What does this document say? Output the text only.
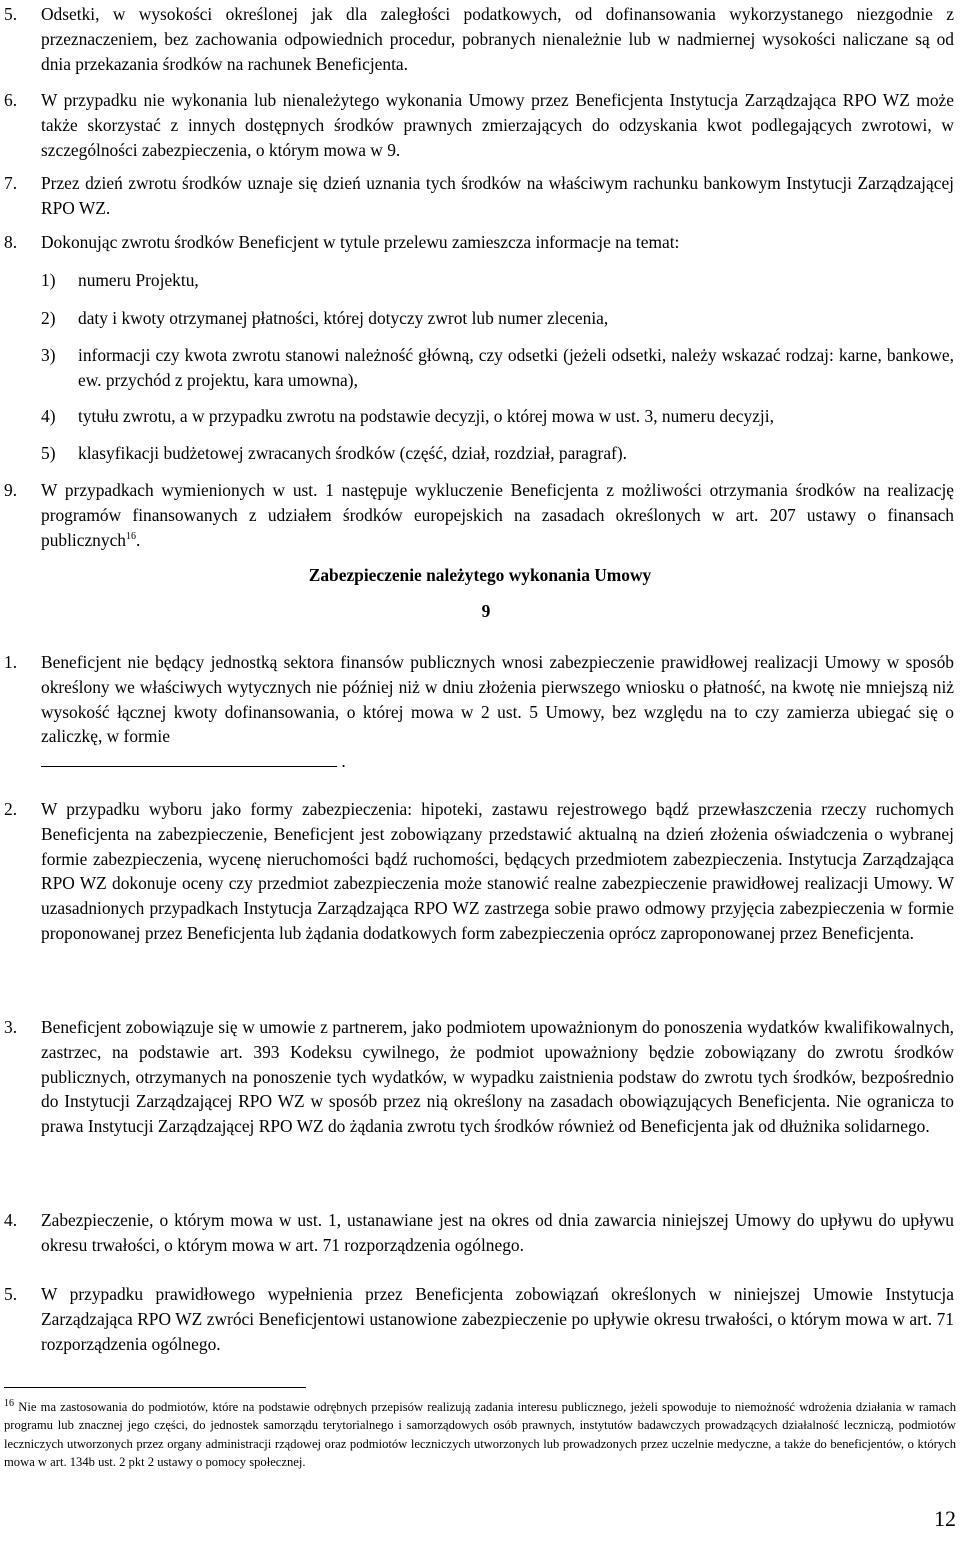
5.	Odsetki, w wysokości określonej jak dla zaległości podatkowych, od dofinansowania wykorzystanego niezgodnie z przeznaczeniem, bez zachowania odpowiednich procedur, pobranych nienależnie lub w nadmiernej wysokości naliczane są od dnia przekazania środków na rachunek Beneficjenta.

6.	W przypadku nie wykonania lub nienależytego wykonania Umowy przez Beneficjenta Instytucja Zarządzająca RPO WZ może także skorzystać z innych dostępnych środków prawnych zmierzających do odzyskania kwot podlegających zwrotowi, w szczególności zabezpieczenia, o którym mowa w 9.

7.	Przez dzień zwrotu środków uznaje się dzień uznania tych środków na właściwym rachunku bankowym Instytucji Zarządzającej RPO WZ.

8.	Dokonując zwrotu środków Beneficjent w tytule przelewu zamieszcza informacje na temat:

1)	numeru Projektu,

2)	daty i kwoty otrzymanej płatności, której dotyczy zwrot lub numer zlecenia,

3)	informacji czy kwota zwrotu stanowi należność główną, czy odsetki (jeżeli odsetki, należy wskazać rodzaj: karne, bankowe, ew. przychód z projektu, kara umowna),

4)	tytułu zwrotu, a w przypadku zwrotu na podstawie decyzji, o której mowa w ust. 3, numeru decyzji,

5)	klasyfikacji budżetowej zwracanych środków (część, dział, rozdział, paragraf).

9.	W przypadkach wymienionych w ust. 1 następuje wykluczenie Beneficjenta z możliwości otrzymania środków na realizację programów finansowanych z udziałem środków europejskich na zasadach określonych w art. 207 ustawy o finansach publicznych$^{16}$.

Zabezpieczenie należytego wykonania Umowy

9

1.	Beneficjent nie będący jednostką sektora finansów publicznych wnosi zabezpieczenie prawidłowej realizacji Umowy w sposób określony we właściwych wytycznych nie później niż w dniu złożenia pierwszego wniosku o płatność, na kwotę nie mniejszą niż wysokość łącznej kwoty dofinansowania, o której mowa w 2 ust. 5 Umowy, bez względu na to czy zamierza ubiegać się o zaliczkę, w formie
.

2.	W przypadku wyboru jako formy zabezpieczenia: hipoteki, zastawu rejestrowego bądź przewłaszczenia rzeczy ruchomych Beneficjenta na zabezpieczenie, Beneficjent jest zobowiązany przedstawić aktualną na dzień złożenia oświadczenia o wybranej formie zabezpieczenia, wycenę nieruchomości bądź ruchomości, będących przedmiotem zabezpieczenia. Instytucja Zarządzająca RPO WZ dokonuje oceny czy przedmiot zabezpieczenia może stanowić realne zabezpieczenie prawidłowej realizacji Umowy. W uzasadnionych przypadkach Instytucja Zarządzająca RPO WZ zastrzega sobie prawo odmowy przyjęcia zabezpieczenia w formie proponowanej przez Beneficjenta lub żądania dodatkowych form zabezpieczenia oprócz zaproponowanej przez Beneficjenta.

3.	Beneficjent zobowiązuje się w umowie z partnerem, jako podmiotem upoważnionym do ponoszenia wydatków kwalifikowalnych, zastrzec, na podstawie art. 393 Kodeksu cywilnego, że podmiot upoważniony będzie zobowiązany do zwrotu środków publicznych, otrzymanych na ponoszenie tych wydatków, w wypadku zaistnienia podstaw do zwrotu tych środków, bezpośrednio do Instytucji Zarządzającej RPO WZ w sposób przez nią określony na zasadach obowiązujących Beneficjenta. Nie ogranicza to prawa Instytucji Zarządzającej RPO WZ do żądania zwrotu tych środków również od Beneficjenta jak od dłużnika solidarnego.

4.	Zabezpieczenie, o którym mowa w ust. 1, ustanawiane jest na okres od dnia zawarcia niniejszej Umowy do upływu do upływu okresu trwałości, o którym mowa w art. 71 rozporządzenia ogólnego.

5.	W przypadku prawidłowego wypełnienia przez Beneficjenta zobowiązań określonych w niniejszej Umowie Instytucja Zarządzająca RPO WZ zwróci Beneficjentowi ustanowione zabezpieczenie po upływie okresu trwałości, o którym mowa w art. 71 rozporządzenia ogólnego.

$^{16}$ Nie ma zastosowania do podmiotów, które na podstawie odrębnych przepisów realizują zadania interesu publicznego, jeżeli spowoduje to niemożność wdrożenia działania w ramach programu lub znacznej jego części, do jednostek samorządu terytorialnego i samorządowych osób prawnych, instytutów badawczych prowadzących działalność leczniczą, podmiotów leczniczych utworzonych przez organy administracji rządowej oraz podmiotów leczniczych utworzonych lub prowadzonych przez uczelnie medyczne, a także do beneficjentów, o których mowa w art. 134b ust. 2 pkt 2 ustawy o pomocy społecznej.

12
